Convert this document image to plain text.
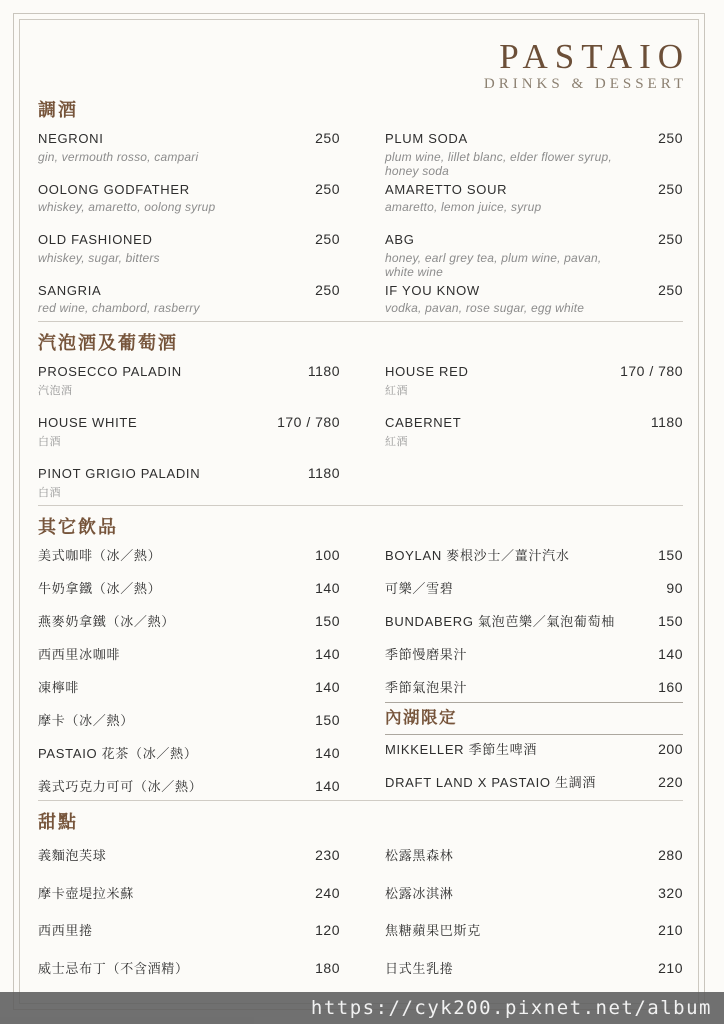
PASTAIO
DRINKS & DESSERT
調酒
NEGRONI
gin, vermouth rosso, campari
250
OOLONG GODFATHER
whiskey, amaretto, oolong syrup
250
OLD FASHIONED
whiskey, sugar, bitters
250
SANGRIA
red wine, chambord, rasberry
250
PLUM SODA
plum wine, lillet blanc, elder flower syrup, honey soda
250
AMARETTO SOUR
amaretto, lemon juice, syrup
250
ABG
honey, earl grey tea, plum wine, pavan, white wine
250
IF YOU KNOW
vodka, pavan, rose sugar, egg white
250
汽泡酒及葡萄酒
PROSECCO PALADIN
汽泡酒
1180
HOUSE WHITE
白酒
170 / 780
PINOT GRIGIO PALADIN
白酒
1180
HOUSE RED
紅酒
170 / 780
CABERNET
紅酒
1180
其它飲品
美式咖啡（冰／熱）	100
牛奶拿鐵（冰／熱）	140
燕麥奶拿鐵（冰／熱）	150
西西里冰咖啡	140
凍檸啡	140
摩卡（冰／熱）	150
PASTAIO 花茶（冰／熱）	140
義式巧克力可可（冰／熱）	140
BOYLAN 麥根沙士／薑汁汽水	150
可樂／雪碧	90
BUNDABERG 氣泡芭樂／氣泡葡萄柚	150
季節慢磨果汁	140
季節氣泡果汁	160
內湖限定
MIKKELLER 季節生啤酒	200
DRAFT LAND X PASTAIO 生調酒	220
甜點
義麵泡芙球	230
摩卡壺堤拉米蘇	240
西西里捲	120
威士忌布丁（不含酒精）	180
松露黑森林	280
松露冰淇淋	320
焦糖蘋果巴斯克	210
日式生乳捲	210
https://cyk200.pixnet.net/album
